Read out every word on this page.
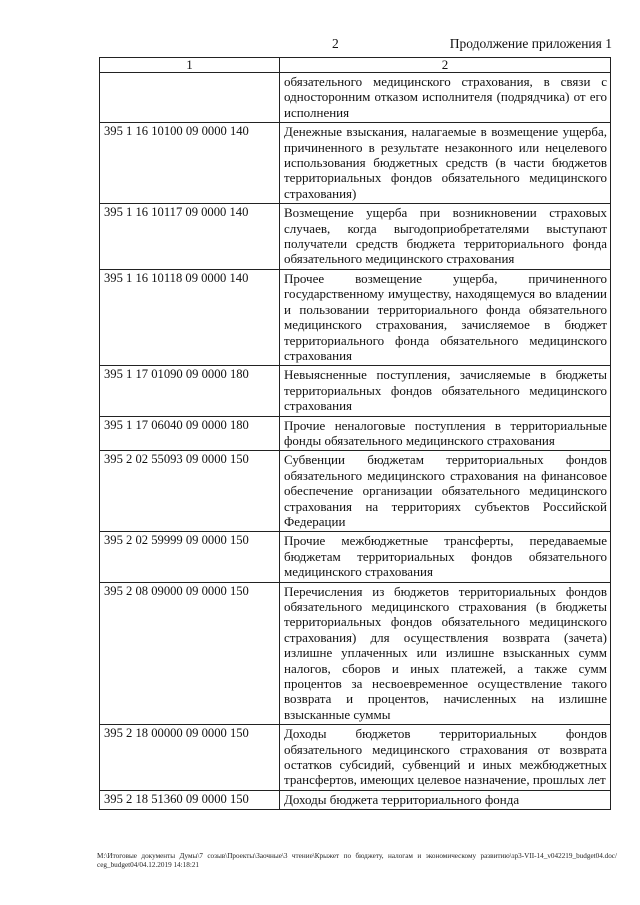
2	Продолжение приложения 1
1	2
	обязательного медицинского страхования, в связи с односторонним отказом исполнителя (подрядчика) от его исполнения
395 1 16 10100 09 0000 140	Денежные взыскания, налагаемые в возмещение ущерба, причиненного в результате незаконного или нецелевого использования бюджетных средств (в части бюджетов территориальных фондов обязательного медицинского страхования)
395 1 16 10117 09 0000 140	Возмещение ущерба при возникновении страховых случаев, когда выгодоприобретателями выступают получатели средств бюджета территориального фонда обязательного медицинского страхования
395 1 16 10118 09 0000 140	Прочее возмещение ущерба, причиненного государственному имуществу, находящемуся во владении и пользовании территориального фонда обязательного медицинского страхования, зачисляемое в бюджет территориального фонда обязательного медицинского страхования
395 1 17 01090 09 0000 180	Невыясненные поступления, зачисляемые в бюджеты территориальных фондов обязательного медицинского страхования
395 1 17 06040 09 0000 180	Прочие неналоговые поступления в территориальные фонды обязательного медицинского страхования
395 2 02 55093 09 0000 150	Субвенции бюджетам территориальных фондов обязательного медицинского страхования на финансовое обеспечение организации обязательного медицинского страхования на территориях субъектов Российской Федерации
395 2 02 59999 09 0000 150	Прочие межбюджетные трансферты, передаваемые бюджетам территориальных фондов обязательного медицинского страхования
395 2 08 09000 09 0000 150	Перечисления из бюджетов территориальных фондов обязательного медицинского страхования (в бюджеты территориальных фондов обязательного медицинского страхования) для осуществления возврата (зачета) излишне уплаченных или излишне взысканных сумм налогов, сборов и иных платежей, а также сумм процентов за несвоевременное осуществление такого возврата и процентов, начисленных на излишне взысканные суммы
395 2 18 00000 09 0000 150	Доходы бюджетов территориальных фондов обязательного медицинского страхования от возврата остатков субсидий, субвенций и иных межбюджетных трансфертов, имеющих целевое назначение, прошлых лет
395 2 18 51360 09 0000 150	Доходы бюджета территориального фонда
М:\Итоговые документы Думы\7 созыв\Проекты\Заочные\3 чтение\Крыжет по бюджету, налогам и экономическому развитию\зр3-VII-14_v042219_budget04.doc/ ceg_budget04/04.12.2019 14:18:21
